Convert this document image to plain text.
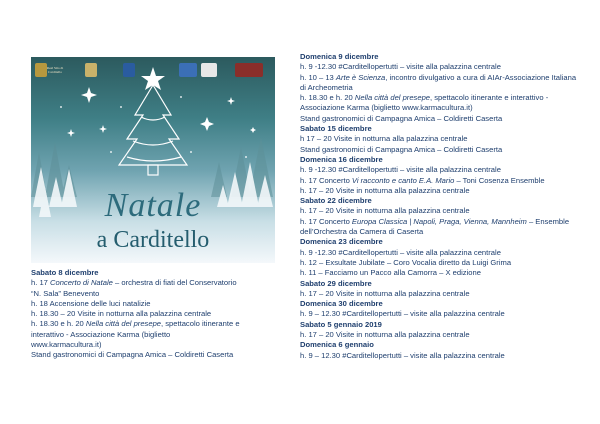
Real Sito di
Carditello
Natale
a Carditello
Sabato 8 dicembre
h. 17 Concerto di Natale – orchestra di fiati del Conservatorio
“N. Sala” Benevento
h. 18 Accensione delle luci natalizie
h. 18.30 – 20 Visite in notturna alla palazzina centrale
h. 18.30 e h. 20 Nella città del presepe, spettacolo itinerante e
interattivo - Associazione Karma (biglietto
www.karmacultura.it)
Stand gastronomici di Campagna Amica – Coldiretti Caserta
Domenica 9 dicembre
h. 9 -12.30 #Carditellopertutti – visite alla palazzina centrale
h. 10 – 13 Arte è Scienza, incontro divulgativo a cura di AIAr-Associazione Italiana
di Archeometria
h. 18.30 e h. 20 Nella città del presepe, spettacolo itinerante e interattivo -
Associazione Karma (biglietto www.karmacultura.it)
Stand gastronomici di Campagna Amica – Coldiretti Caserta
Sabato 15 dicembre
h 17 – 20 Visite in notturna alla palazzina centrale
Stand gastronomici di Campagna Amica – Coldiretti Caserta
Domenica 16 dicembre
h. 9 -12.30 #Carditellopertutti – visite alla palazzina centrale
h. 17 Concerto Vi racconto e canto E.A. Mario – Toni Cosenza Ensemble
h. 17 – 20 Visite in notturna alla palazzina centrale
Sabato 22 dicembre
h. 17 – 20 Visite in notturna alla palazzina centrale
h. 17 Concerto Europa Classica | Napoli, Praga, Vienna, Mannheim – Ensemble
dell’Orchestra da Camera di Caserta
Domenica 23 dicembre
h. 9 -12.30 #Carditellopertutti – visite alla palazzina centrale
h. 12 – Exsultate Jubilate – Coro Vocalia diretto da Luigi Grima
h. 11 – Facciamo un Pacco alla Camorra – X edizione
Sabato 29 dicembre
h. 17 – 20 Visite in notturna alla palazzina centrale
Domenica 30 dicembre
h. 9 – 12.30 #Carditellopertutti – visite alla palazzina centrale
Sabato 5 gennaio 2019
h. 17 – 20 Visite in notturna alla palazzina centrale
Domenica 6 gennaio
h. 9 – 12.30 #Carditellopertutti – visite alla palazzina centrale
